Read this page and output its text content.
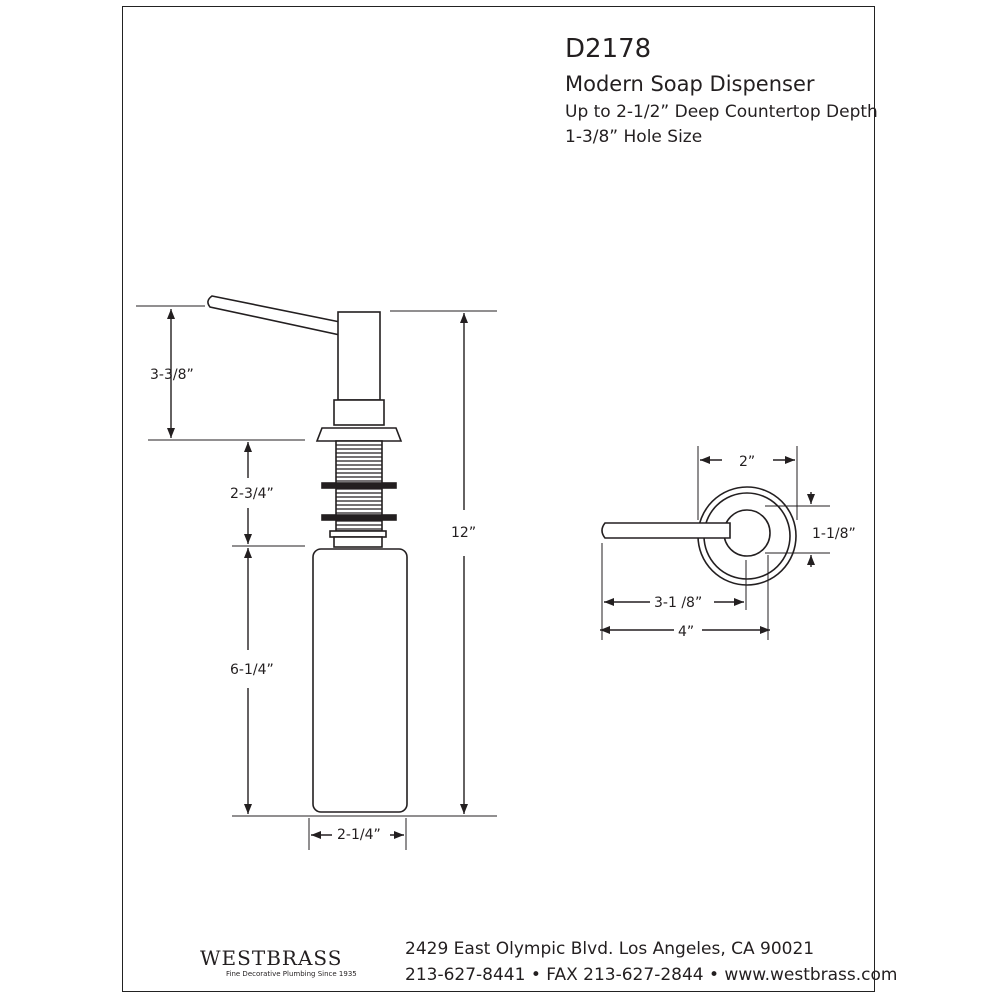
D2178
Modern Soap Dispenser
Up to 2-1/2” Deep Countertop Depth
1-3/8” Hole Size
3-3/8”
2-3/4”
6-1/4”
12”
2-1/4”
2”
1-1/8”
3-1 /8”
4”
WESTBRASS
Fine Decorative Plumbing Since 1935
2429 East Olympic Blvd. Los Angeles, CA 90021
213-627-8441 • FAX 213-627-2844 • www.westbrass.com
